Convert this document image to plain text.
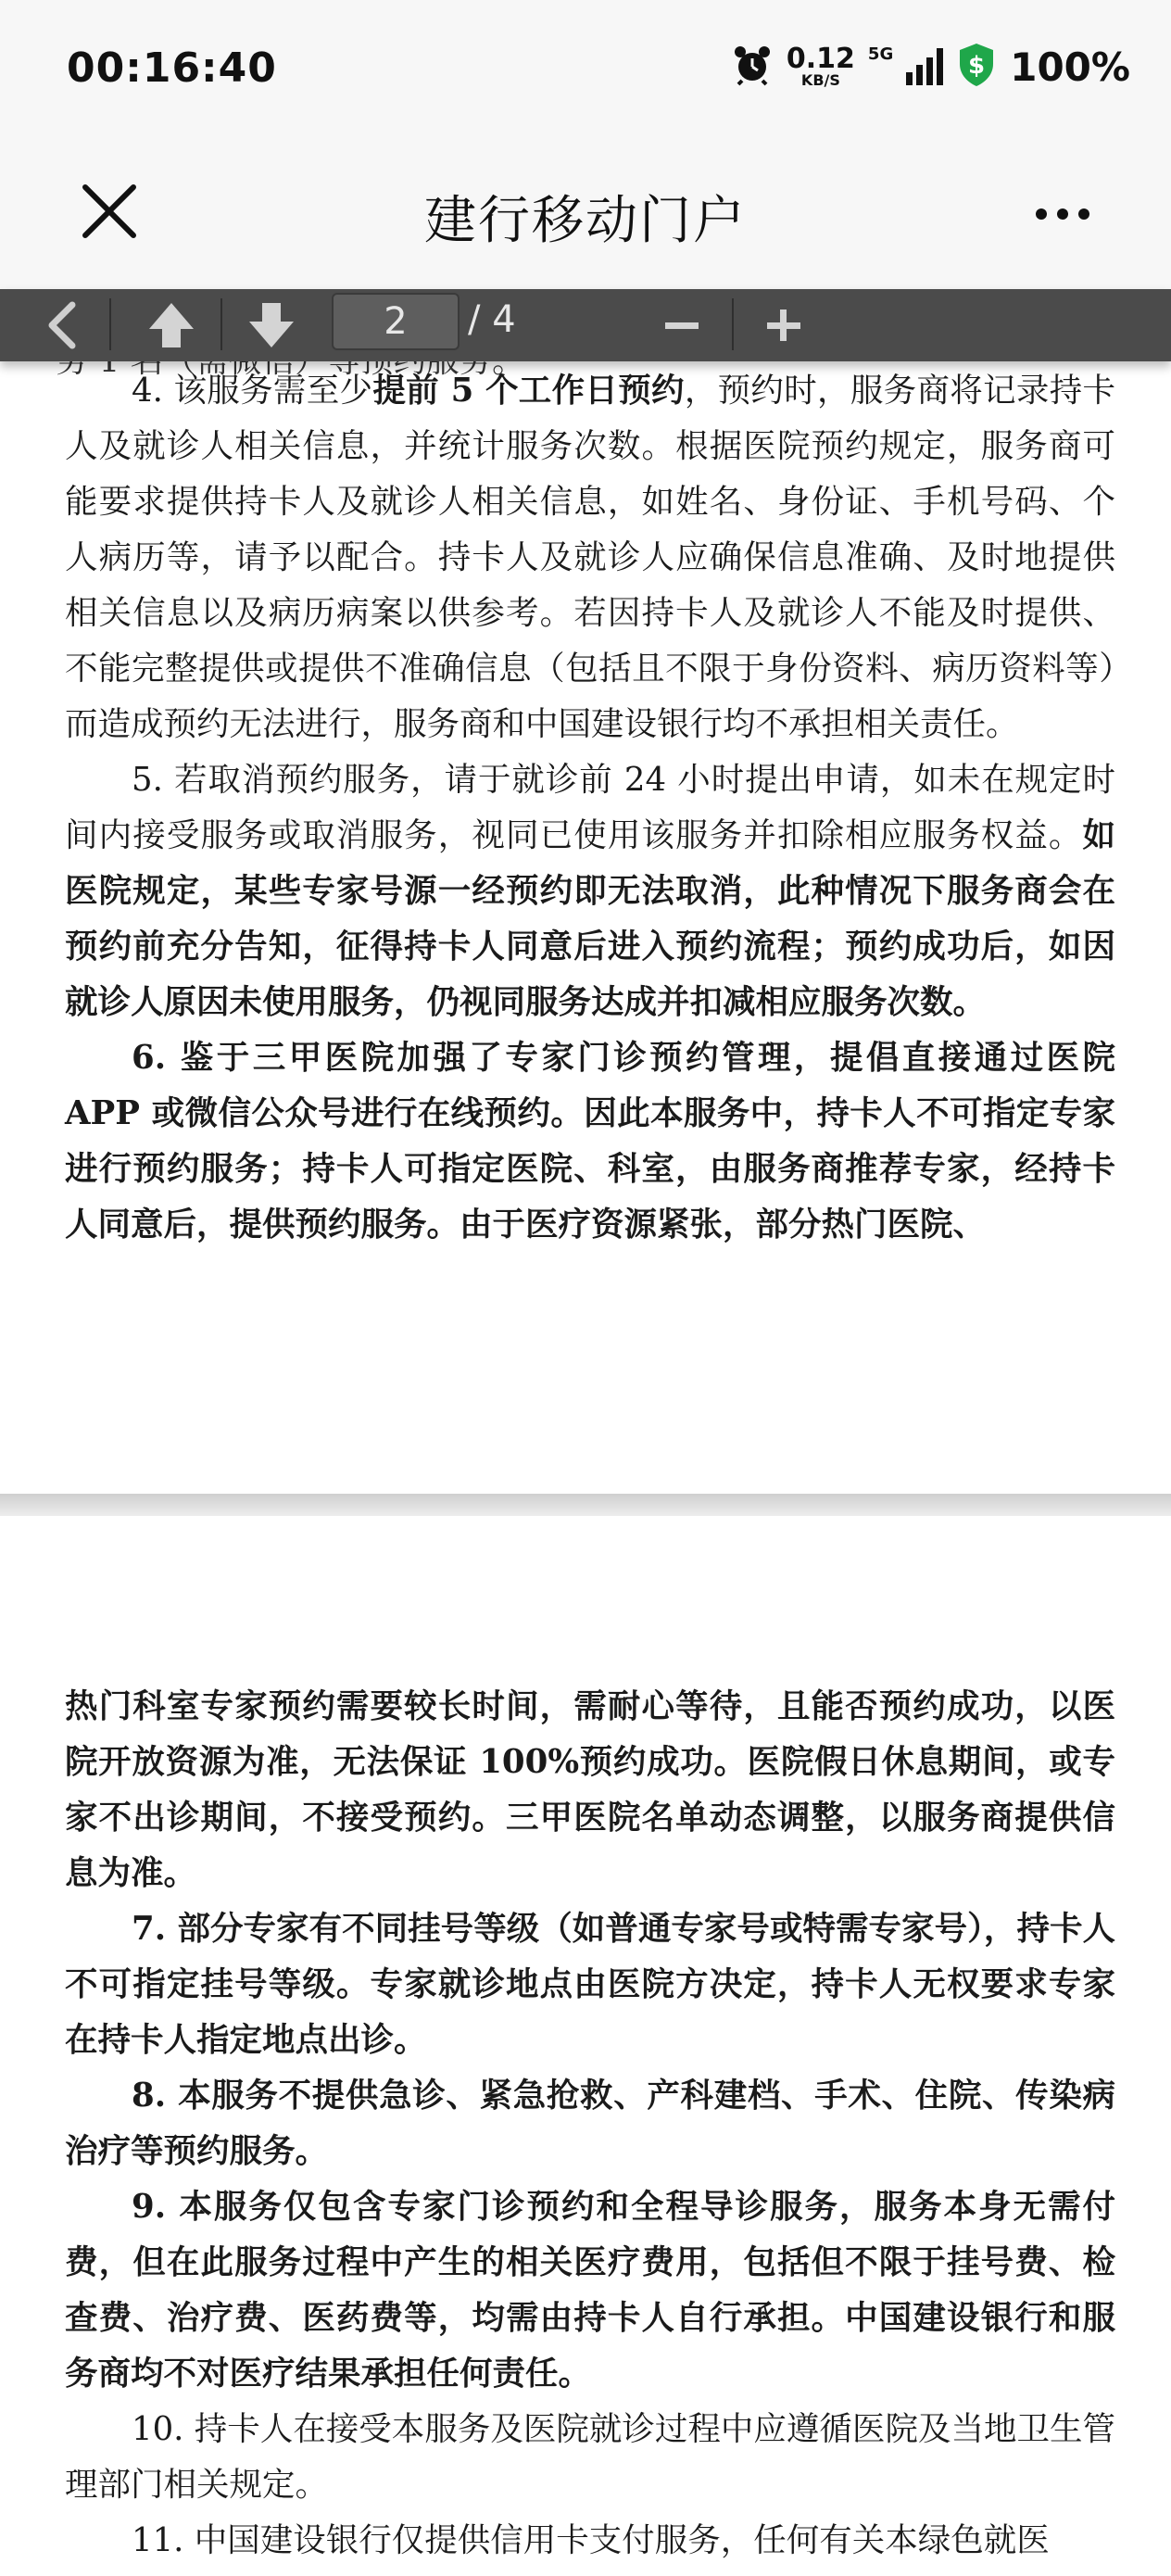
00:16:40	0.12
KB/S
5G	$ 100%
建行移动门户
2	/ 4

4. 该服务需至少提前 5 个工作日预约，预约时，服务商将记录持卡人及就诊人相关信息，并统计服务次数。根据医院预约规定，服务商可能要求提供持卡人及就诊人相关信息，如姓名、身份证、手机号码、个人病历等，请予以配合。持卡人及就诊人应确保信息准确、及时地提供相关信息以及病历病案以供参考。若因持卡人及就诊人不能及时提供、不能完整提供或提供不准确信息（包括且不限于身份资料、病历资料等）而造成预约无法进行，服务商和中国建设银行均不承担相关责任。

5. 若取消预约服务，请于就诊前 24 小时提出申请，如未在规定时间内接受服务或取消服务，视同已使用该服务并扣除相应服务权益。如医院规定，某些专家号源一经预约即无法取消，此种情况下服务商会在预约前充分告知，征得持卡人同意后进入预约流程；预约成功后，如因就诊人原因未使用服务，仍视同服务达成并扣减相应服务次数。

6. 鉴于三甲医院加强了专家门诊预约管理，提倡直接通过医院 APP 或微信公众号进行在线预约。因此本服务中，持卡人不可指定专家进行预约服务；持卡人可指定医院、科室，由服务商推荐专家，经持卡人同意后，提供预约服务。由于医疗资源紧张，部分热门医院、

热门科室专家预约需要较长时间，需耐心等待，且能否预约成功，以医院开放资源为准，无法保证 100%预约成功。医院假日休息期间，或专家不出诊期间，不接受预约。三甲医院名单动态调整，以服务商提供信息为准。

7. 部分专家有不同挂号等级（如普通专家号或特需专家号），持卡人不可指定挂号等级。专家就诊地点由医院方决定，持卡人无权要求专家在持卡人指定地点出诊。

8. 本服务不提供急诊、紧急抢救、产科建档、手术、住院、传染病治疗等预约服务。

9. 本服务仅包含专家门诊预约和全程导诊服务，服务本身无需付费，但在此服务过程中产生的相关医疗费用，包括但不限于挂号费、检查费、治疗费、医药费等，均需由持卡人自行承担。中国建设银行和服务商均不对医疗结果承担任何责任。

10. 持卡人在接受本服务及医院就诊过程中应遵循医院及当地卫生管理部门相关规定。

11. 中国建设银行仅提供信用卡支付服务，任何有关本绿色就医
